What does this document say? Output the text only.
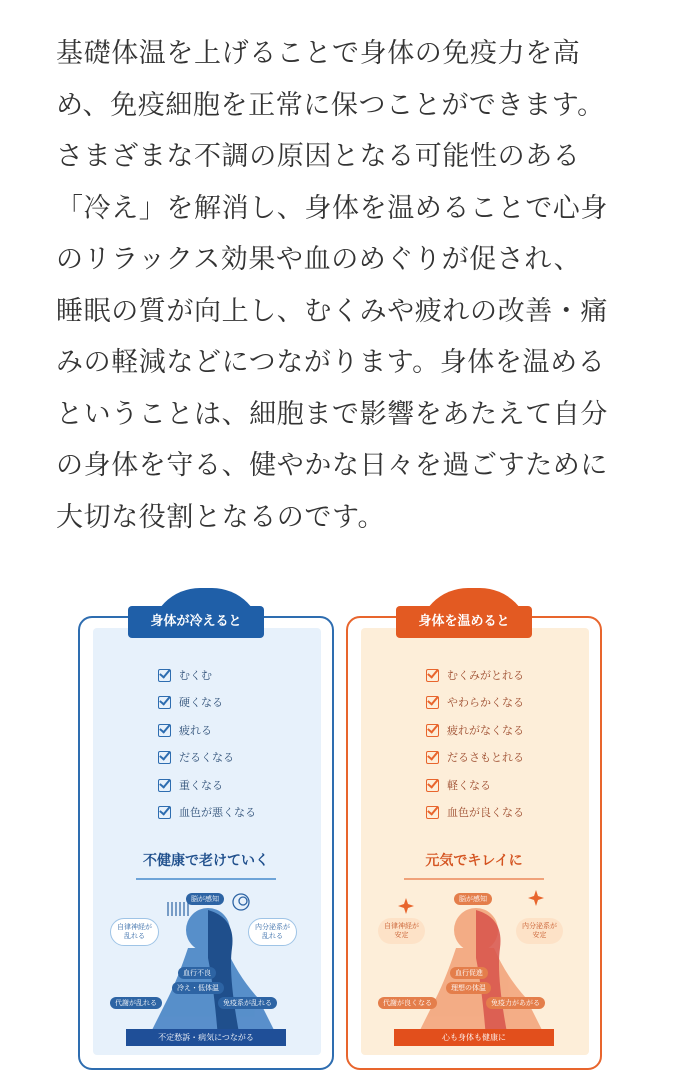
基礎体温を上げることで身体の免疫力を高
め、免疫細胞を正常に保つことができます。
さまざまな不調の原因となる可能性のある
「冷え」を解消し、身体を温めることで心身
のリラックス効果や血のめぐりが促され、
睡眠の質が向上し、むくみや疲れの改善・痛
みの軽減などにつながります。身体を温める
ということは、細胞まで影響をあたえて自分
の身体を守る、健やかな日々を過ごすために
大切な役割となるのです。
身体が冷えると
むくむ
硬くなる
疲れる
だるくなる
重くなる
血色が悪くなる
不健康で老けていく
脳が感知
自律神経が
乱れる
内分泌系が
乱れる
血行不良
冷え・低体温
代謝が乱れる	免疫系が乱れる
不定愁訴・病気につながる
身体を温めると
むくみがとれる
やわらかくなる
疲れがなくなる
だるさもとれる
軽くなる
血色が良くなる
元気でキレイに
脳が感知
自律神経が
安定
内分泌系が
安定
血行促進
理想の体温
代謝が良くなる	免疫力があがる
心も身体も健康に
